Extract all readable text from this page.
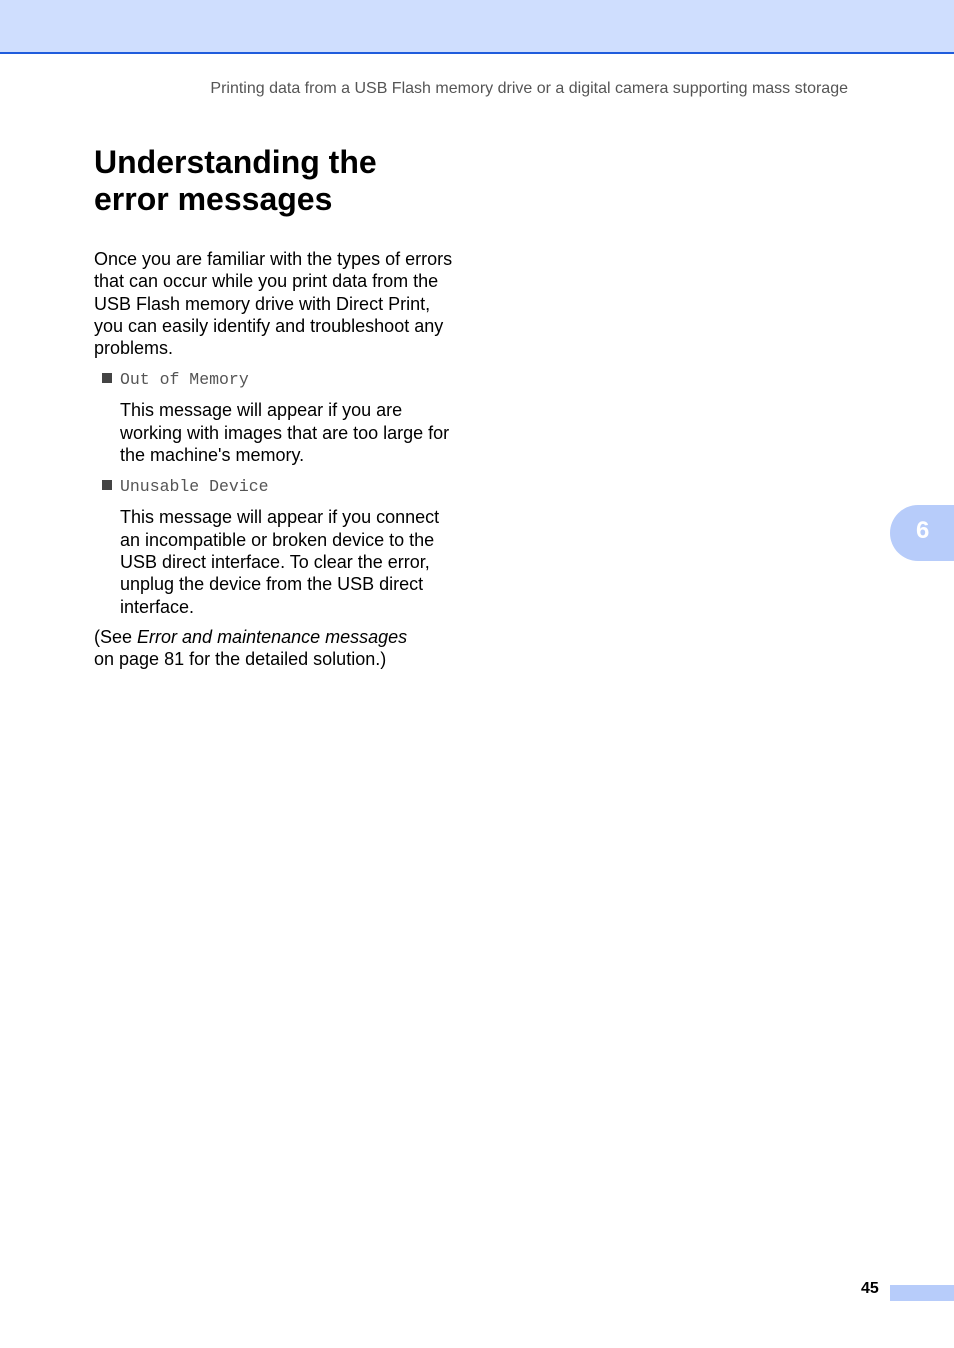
Printing data from a USB Flash memory drive or a digital camera supporting mass storage
Understanding the
error messages

Once you are familiar with the types of errors that can occur while you print data from the USB Flash memory drive with Direct Print, you can easily identify and troubleshoot any problems.

Out of Memory

This message will appear if you are working with images that are too large for the machine's memory.

Unusable Device

This message will appear if you connect an incompatible or broken device to the USB direct interface. To clear the error, unplug the device from the USB direct interface.

(See Error and maintenance messages
on page 81 for the detailed solution.)

6
45
